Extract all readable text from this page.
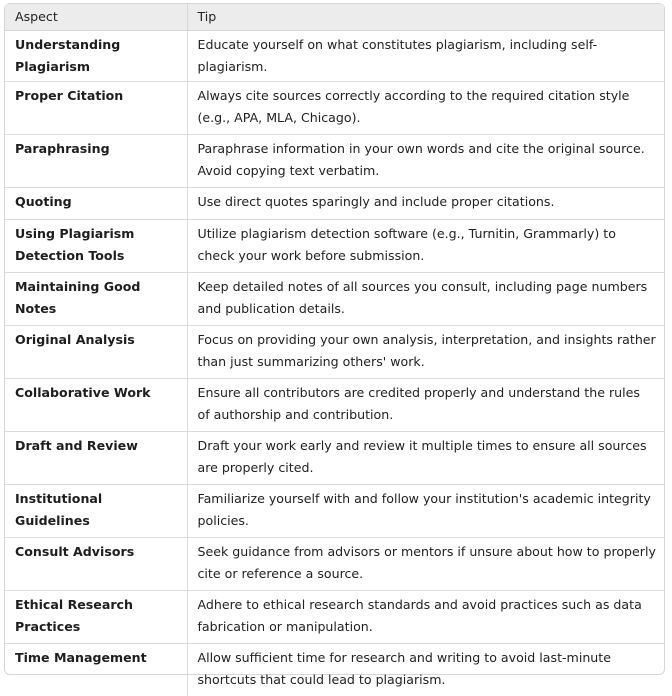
Aspect	Tip
Understanding Plagiarism	Educate yourself on what constitutes plagiarism, including self-plagiarism.
Proper Citation	Always cite sources correctly according to the required citation style (e.g., APA, MLA, Chicago).
Paraphrasing	Paraphrase information in your own words and cite the original source. Avoid copying text verbatim.
Quoting	Use direct quotes sparingly and include proper citations.
Using Plagiarism Detection Tools	Utilize plagiarism detection software (e.g., Turnitin, Grammarly) to check your work before submission.
Maintaining Good Notes	Keep detailed notes of all sources you consult, including page numbers and publication details.
Original Analysis	Focus on providing your own analysis, interpretation, and insights rather than just summarizing others' work.
Collaborative Work	Ensure all contributors are credited properly and understand the rules of authorship and contribution.
Draft and Review	Draft your work early and review it multiple times to ensure all sources are properly cited.
Institutional Guidelines	Familiarize yourself with and follow your institution's academic integrity policies.
Consult Advisors	Seek guidance from advisors or mentors if unsure about how to properly cite or reference a source.
Ethical Research Practices	Adhere to ethical research standards and avoid practices such as data fabrication or manipulation.
Time Management	Allow sufficient time for research and writing to avoid last-minute shortcuts that could lead to plagiarism.
